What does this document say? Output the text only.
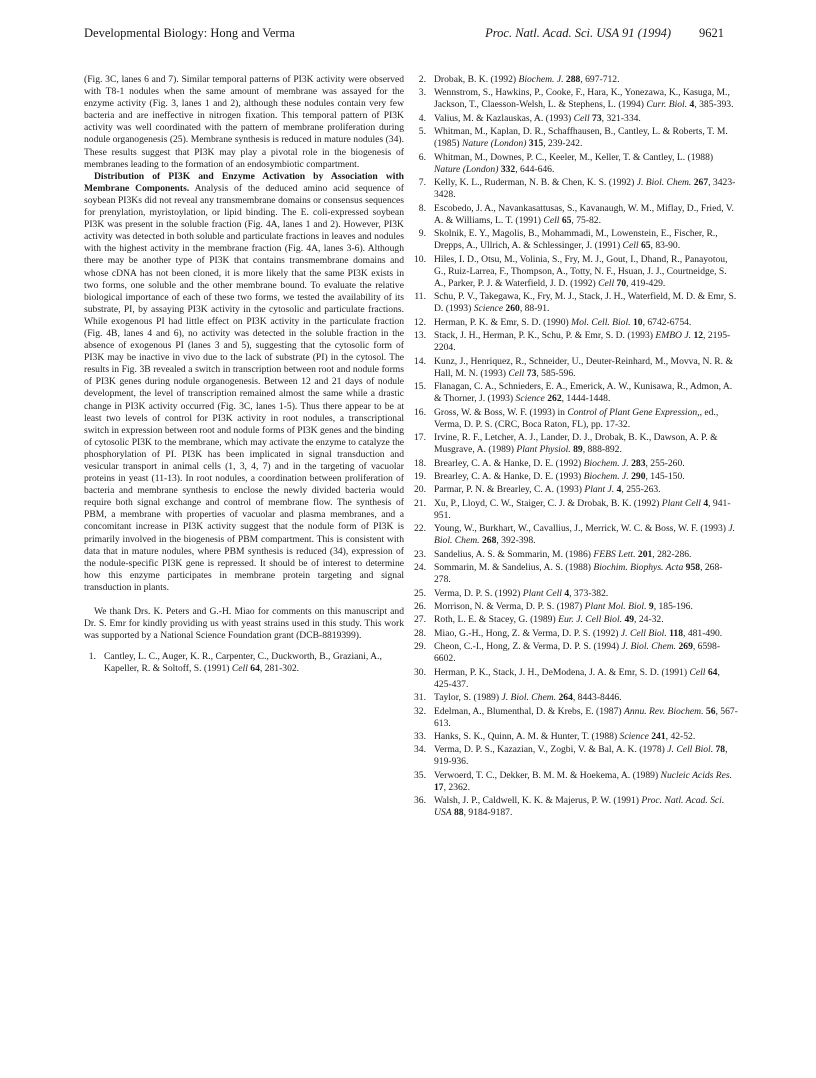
Developmental Biology: Hong and Verma	Proc. Natl. Acad. Sci. USA 91 (1994) 9621

(Fig. 3C, lanes 6 and 7). Similar temporal patterns of PI3K activity were observed with T8-1 nodules when the same amount of membrane was assayed for the enzyme activity (Fig. 3, lanes 1 and 2), although these nodules contain very few bacteria and are ineffective in nitrogen fixation. This temporal pattern of PI3K activity was well coordinated with the pattern of membrane proliferation during nodule organogenesis (25). Membrane synthesis is reduced in mature nodules (34). These results suggest that PI3K may play a pivotal role in the biogenesis of membranes leading to the formation of an endosymbiotic compartment.

Distribution of PI3K and Enzyme Activation by Association with Membrane Components. Analysis of the deduced amino acid sequence of soybean PI3Ks did not reveal any transmembrane domains or consensus sequences for prenylation, myristoylation, or lipid binding. The E. coli-expressed soybean PI3K was present in the soluble fraction (Fig. 4A, lanes 1 and 2). However, PI3K activity was detected in both soluble and particulate fractions in leaves and nodules with the highest activity in the membrane fraction (Fig. 4A, lanes 3-6). Although there may be another type of PI3K that contains transmembrane domains and whose cDNA has not been cloned, it is more likely that the same PI3K exists in two forms, one soluble and the other membrane bound. To evaluate the relative biological importance of each of these two forms, we tested the availability of its substrate, PI, by assaying PI3K activity in the cytosolic and particulate fractions. While exogenous PI had little effect on PI3K activity in the particulate fraction (Fig. 4B, lanes 4 and 6), no activity was detected in the soluble fraction in the absence of exogenous PI (lanes 3 and 5), suggesting that the cytosolic form of PI3K may be inactive in vivo due to the lack of substrate (PI) in the cytosol. The results in Fig. 3B revealed a switch in transcription between root and nodule forms of PI3K genes during nodule organogenesis. Between 12 and 21 days of nodule development, the level of transcription remained almost the same while a drastic change in PI3K activity occurred (Fig. 3C, lanes 1-5). Thus there appear to be at least two levels of control for PI3K activity in root nodules, a transcriptional switch in expression between root and nodule forms of PI3K genes and the binding of cytosolic PI3K to the membrane, which may activate the enzyme to catalyze the phosphorylation of PI. PI3K has been implicated in signal transduction and vesicular transport in animal cells (1, 3, 4, 7) and in the targeting of vacuolar proteins in yeast (11-13). In root nodules, a coordination between proliferation of bacteria and membrane synthesis to enclose the newly divided bacteria would require both signal exchange and control of membrane flow. The synthesis of PBM, a membrane with properties of vacuolar and plasma membranes, and a concomitant increase in PI3K activity suggest that the nodule form of PI3K is primarily involved in the biogenesis of PBM compartment. This is consistent with data that in mature nodules, where PBM synthesis is reduced (34), expression of the nodule-specific PI3K gene is repressed. It should be of interest to determine how this enzyme participates in membrane protein targeting and signal transduction in plants.

We thank Drs. K. Peters and G.-H. Miao for comments on this manuscript and Dr. S. Emr for kindly providing us with yeast strains used in this study. This work was supported by a National Science Foundation grant (DCB-8819399).

1. Cantley, L. C., Auger, K. R., Carpenter, C., Duckworth, B., Graziani, A., Kapeller, R. & Soltoff, S. (1991) Cell 64, 281-302.
2. Drobak, B. K. (1992) Biochem. J. 288, 697-712.
3. Wennstrom, S., Hawkins, P., Cooke, F., Hara, K., Yonezawa, K., Kasuga, M., Jackson, T., Claesson-Welsh, L. & Stephens, L. (1994) Curr. Biol. 4, 385-393.
4. Valius, M. & Kazlauskas, A. (1993) Cell 73, 321-334.
5. Whitman, M., Kaplan, D. R., Schaffhausen, B., Cantley, L. & Roberts, T. M. (1985) Nature (London) 315, 239-242.
6. Whitman, M., Downes, P. C., Keeler, M., Keller, T. & Cantley, L. (1988) Nature (London) 332, 644-646.
7. Kelly, K. L., Ruderman, N. B. & Chen, K. S. (1992) J. Biol. Chem. 267, 3423-3428.
8. Escobedo, J. A., Navankasattusas, S., Kavanaugh, W. M., Miflay, D., Fried, V. A. & Williams, L. T. (1991) Cell 65, 75-82.
9. Skolnik, E. Y., Magolis, B., Mohammadi, M., Lowenstein, E., Fischer, R., Drepps, A., Ullrich, A. & Schlessinger, J. (1991) Cell 65, 83-90.
10. Hiles, I. D., Otsu, M., Volinia, S., Fry, M. J., Gout, I., Dhand, R., Panayotou, G., Ruiz-Larrea, F., Thompson, A., Totty, N. F., Hsuan, J. J., Courtneidge, S. A., Parker, P. J. & Waterfield, J. D. (1992) Cell 70, 419-429.
11. Schu, P. V., Takegawa, K., Fry, M. J., Stack, J. H., Waterfield, M. D. & Emr, S. D. (1993) Science 260, 88-91.
12. Herman, P. K. & Emr, S. D. (1990) Mol. Cell. Biol. 10, 6742-6754.
13. Stack, J. H., Herman, P. K., Schu, P. & Emr, S. D. (1993) EMBO J. 12, 2195-2204.
14. Kunz, J., Henriquez, R., Schneider, U., Deuter-Reinhard, M., Movva, N. R. & Hall, M. N. (1993) Cell 73, 585-596.
15. Flanagan, C. A., Schnieders, E. A., Emerick, A. W., Kunisawa, R., Admon, A. & Thorner, J. (1993) Science 262, 1444-1448.
16. Gross, W. & Boss, W. F. (1993) in Control of Plant Gene Expression,, ed., Verma, D. P. S. (CRC, Boca Raton, FL), pp. 17-32.
17. Irvine, R. F., Letcher, A. J., Lander, D. J., Drobak, B. K., Dawson, A. P. & Musgrave, A. (1989) Plant Physiol. 89, 888-892.
18. Brearley, C. A. & Hanke, D. E. (1992) Biochem. J. 283, 255-260.
19. Brearley, C. A. & Hanke, D. E. (1993) Biochem. J. 290, 145-150.
20. Parmar, P. N. & Brearley, C. A. (1993) Plant J. 4, 255-263.
21. Xu, P., Lloyd, C. W., Staiger, C. J. & Drobak, B. K. (1992) Plant Cell 4, 941-951.
22. Young, W., Burkhart, W., Cavallius, J., Merrick, W. C. & Boss, W. F. (1993) J. Biol. Chem. 268, 392-398.
23. Sandelius, A. S. & Sommarin, M. (1986) FEBS Lett. 201, 282-286.
24. Sommarin, M. & Sandelius, A. S. (1988) Biochim. Biophys. Acta 958, 268-278.
25. Verma, D. P. S. (1992) Plant Cell 4, 373-382.
26. Morrison, N. & Verma, D. P. S. (1987) Plant Mol. Biol. 9, 185-196.
27. Roth, L. E. & Stacey, G. (1989) Eur. J. Cell Biol. 49, 24-32.
28. Miao, G.-H., Hong, Z. & Verma, D. P. S. (1992) J. Cell Biol. 118, 481-490.
29. Cheon, C.-I., Hong, Z. & Verma, D. P. S. (1994) J. Biol. Chem. 269, 6598-6602.
30. Herman, P. K., Stack, J. H., DeModena, J. A. & Emr, S. D. (1991) Cell 64, 425-437.
31. Taylor, S. (1989) J. Biol. Chem. 264, 8443-8446.
32. Edelman, A., Blumenthal, D. & Krebs, E. (1987) Annu. Rev. Biochem. 56, 567-613.
33. Hanks, S. K., Quinn, A. M. & Hunter, T. (1988) Science 241, 42-52.
34. Verma, D. P. S., Kazazian, V., Zogbi, V. & Bal, A. K. (1978) J. Cell Biol. 78, 919-936.
35. Verwoerd, T. C., Dekker, B. M. M. & Hoekema, A. (1989) Nucleic Acids Res. 17, 2362.
36. Walsh, J. P., Caldwell, K. K. & Majerus, P. W. (1991) Proc. Natl. Acad. Sci. USA 88, 9184-9187.
